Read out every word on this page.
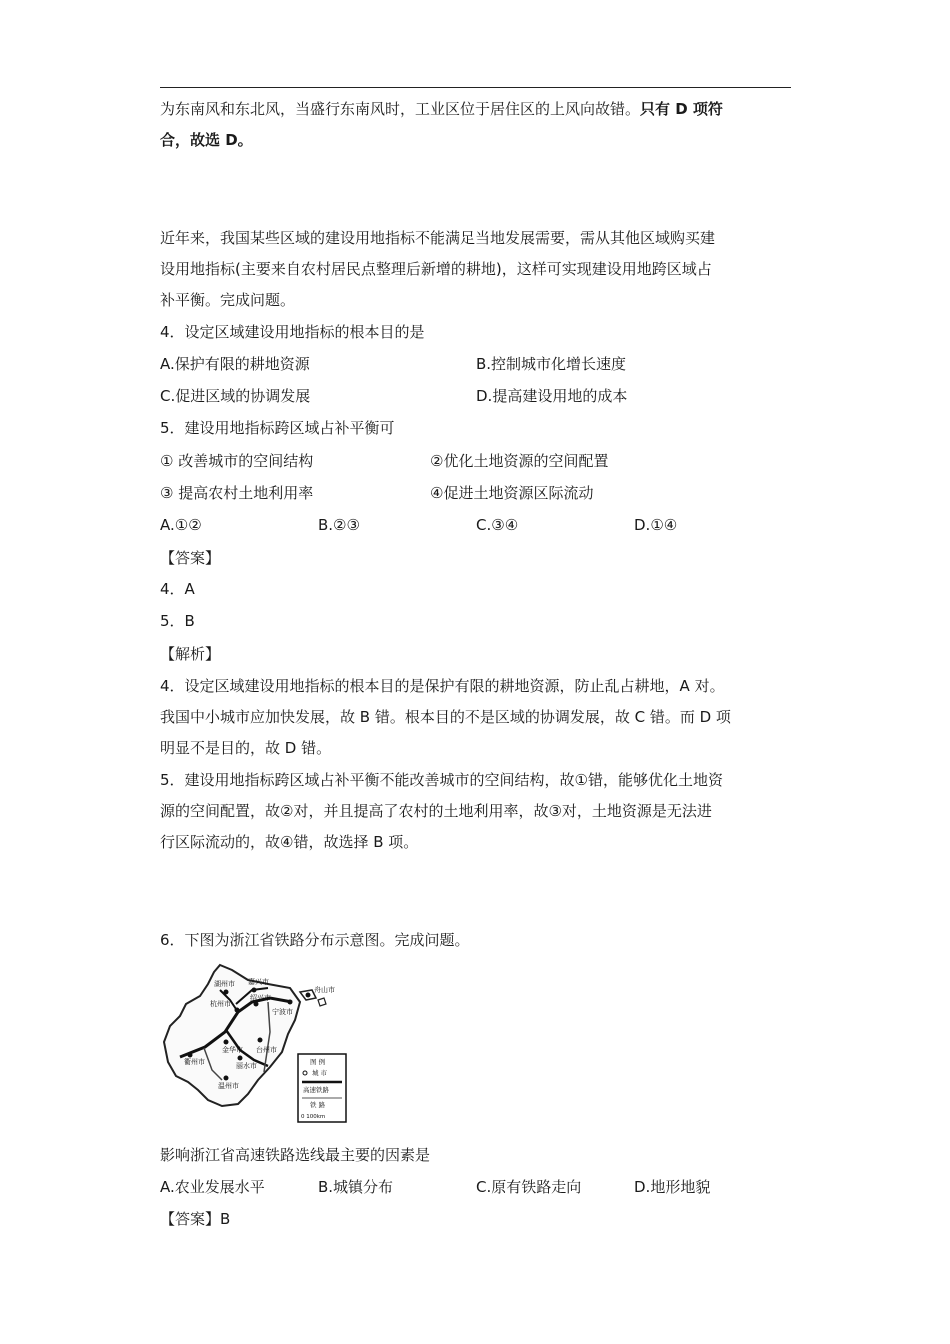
为东南风和东北风，当盛行东南风时，工业区位于居住区的上风向故错。只有 D 项符
合，故选 D。
近年来，我国某些区域的建设用地指标不能满足当地发展需要，需从其他区域购买建
设用地指标(主要来自农村居民点整理后新增的耕地)，这样可实现建设用地跨区域占
补平衡。完成问题。
4．设定区域建设用地指标的根本目的是
A.保护有限的耕地资源	B.控制城市化增长速度
C.促进区域的协调发展	D.提高建设用地的成本
5．建设用地指标跨区域占补平衡可
① 改善城市的空间结构	②优化土地资源的空间配置
③ 提高农村土地利用率	④促进土地资源区际流动
A.①②	B.②③	C.③④	D.①④
【答案】
4．A
5．B
【解析】
4．设定区域建设用地指标的根本目的是保护有限的耕地资源，防止乱占耕地，A 对。
我国中小城市应加快发展，故 B 错。根本目的不是区域的协调发展，故 C 错。而 D 项
明显不是目的，故 D 错。
5．建设用地指标跨区域占补平衡不能改善城市的空间结构，故①错，能够优化土地资
源的空间配置，故②对，并且提高了农村的土地利用率，故③对，土地资源是无法进
行区际流动的，故④错，故选择 B 项。
6．下图为浙江省铁路分布示意图。完成问题。
湖州市 嘉兴市
杭州市
绍兴市
舟山市
宁波市
衢州市
金华市 台州市
丽水市
温州市
图 例
城 市
高速铁路
铁 路
0 100km
影响浙江省高速铁路选线最主要的因素是
A.农业发展水平	B.城镇分布	C.原有铁路走向	D.地形地貌
【答案】B
